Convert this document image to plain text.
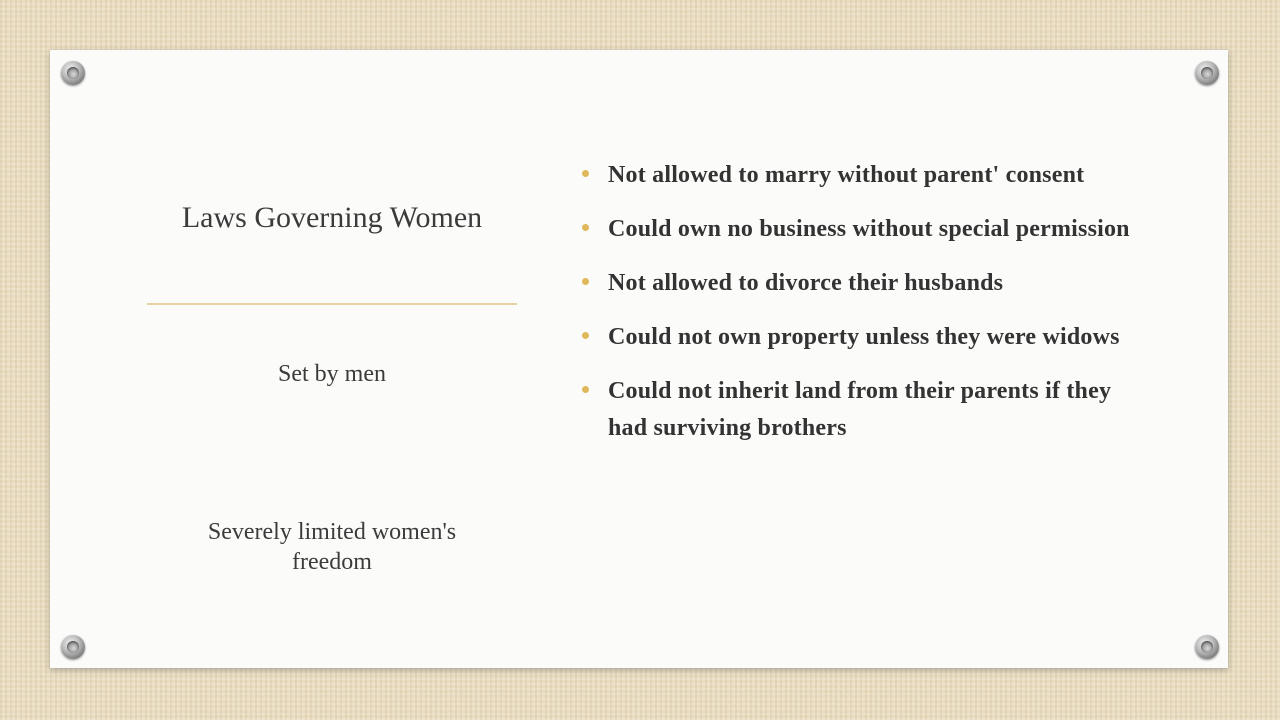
Laws Governing Women

Set by men

Severely limited women's freedom

Not allowed to marry without parent' consent
Could own no business without special permission
Not allowed to divorce their husbands
Could not own property unless they were widows
Could not inherit land from their parents if they had surviving brothers
